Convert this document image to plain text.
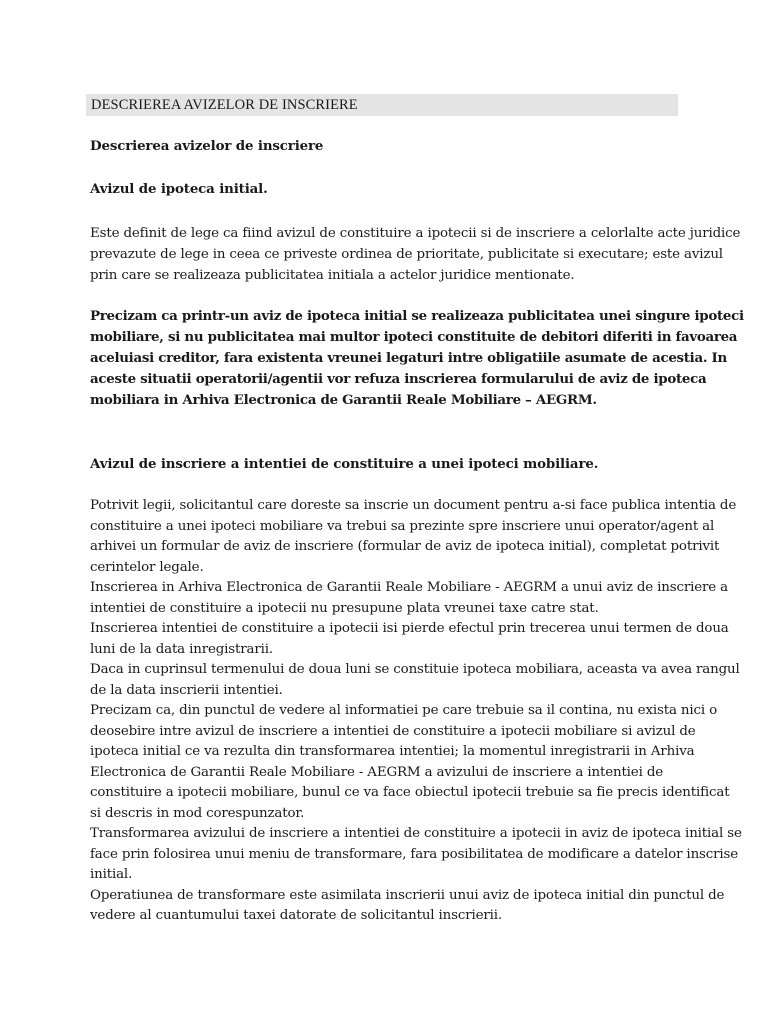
DESCRIEREA AVIZELOR DE INSCRIERE
Descrierea avizelor de inscriere
Avizul de ipoteca initial.
Este definit de lege ca fiind avizul de constituire a ipotecii si de inscriere a celorlalte acte juridice
prevazute de lege in ceea ce priveste ordinea de prioritate, publicitate si executare; este avizul
prin care se realizeaza publicitatea initiala a actelor juridice mentionate.
Precizam ca printr-un aviz de ipoteca initial se realizeaza publicitatea unei singure ipoteci
mobiliare, si nu publicitatea mai multor ipoteci constituite de debitori diferiti in favoarea
aceluiasi creditor, fara existenta vreunei legaturi intre obligatiile asumate de acestia. In
aceste situatii operatorii/agentii vor refuza inscrierea formularului de aviz de ipoteca
mobiliara in Arhiva Electronica de Garantii Reale Mobiliare – AEGRM.
Avizul de inscriere a intentiei de constituire a unei ipoteci mobiliare.
Potrivit legii, solicitantul care doreste sa inscrie un document pentru a-si face publica intentia de
constituire a unei ipoteci mobiliare va trebui sa prezinte spre inscriere unui operator/agent al
arhivei un formular de aviz de inscriere (formular de aviz de ipoteca initial), completat potrivit
cerintelor legale.
Inscrierea in Arhiva Electronica de Garantii Reale Mobiliare - AEGRM a unui aviz de inscriere a
intentiei de constituire a ipotecii nu presupune plata vreunei taxe catre stat.
Inscrierea intentiei de constituire a ipotecii isi pierde efectul prin trecerea unui termen de doua
luni de la data inregistrarii.
Daca in cuprinsul termenului de doua luni se constituie ipoteca mobiliara, aceasta va avea rangul
de la data inscrierii intentiei.
Precizam ca, din punctul de vedere al informatiei pe care trebuie sa il contina, nu exista nici o
deosebire intre avizul de inscriere a intentiei de constituire a ipotecii mobiliare si avizul de
ipoteca initial ce va rezulta din transformarea intentiei; la momentul inregistrarii in Arhiva
Electronica de Garantii Reale Mobiliare - AEGRM a avizului de inscriere a intentiei de
constituire a ipotecii mobiliare, bunul ce va face obiectul ipotecii trebuie sa fie precis identificat
si descris in mod corespunzator.
Transformarea avizului de inscriere a intentiei de constituire a ipotecii in aviz de ipoteca initial se
face prin folosirea unui meniu de transformare, fara posibilitatea de modificare a datelor inscrise
initial.
Operatiunea de transformare este asimilata inscrierii unui aviz de ipoteca initial din punctul de
vedere al cuantumului taxei datorate de solicitantul inscrierii.
